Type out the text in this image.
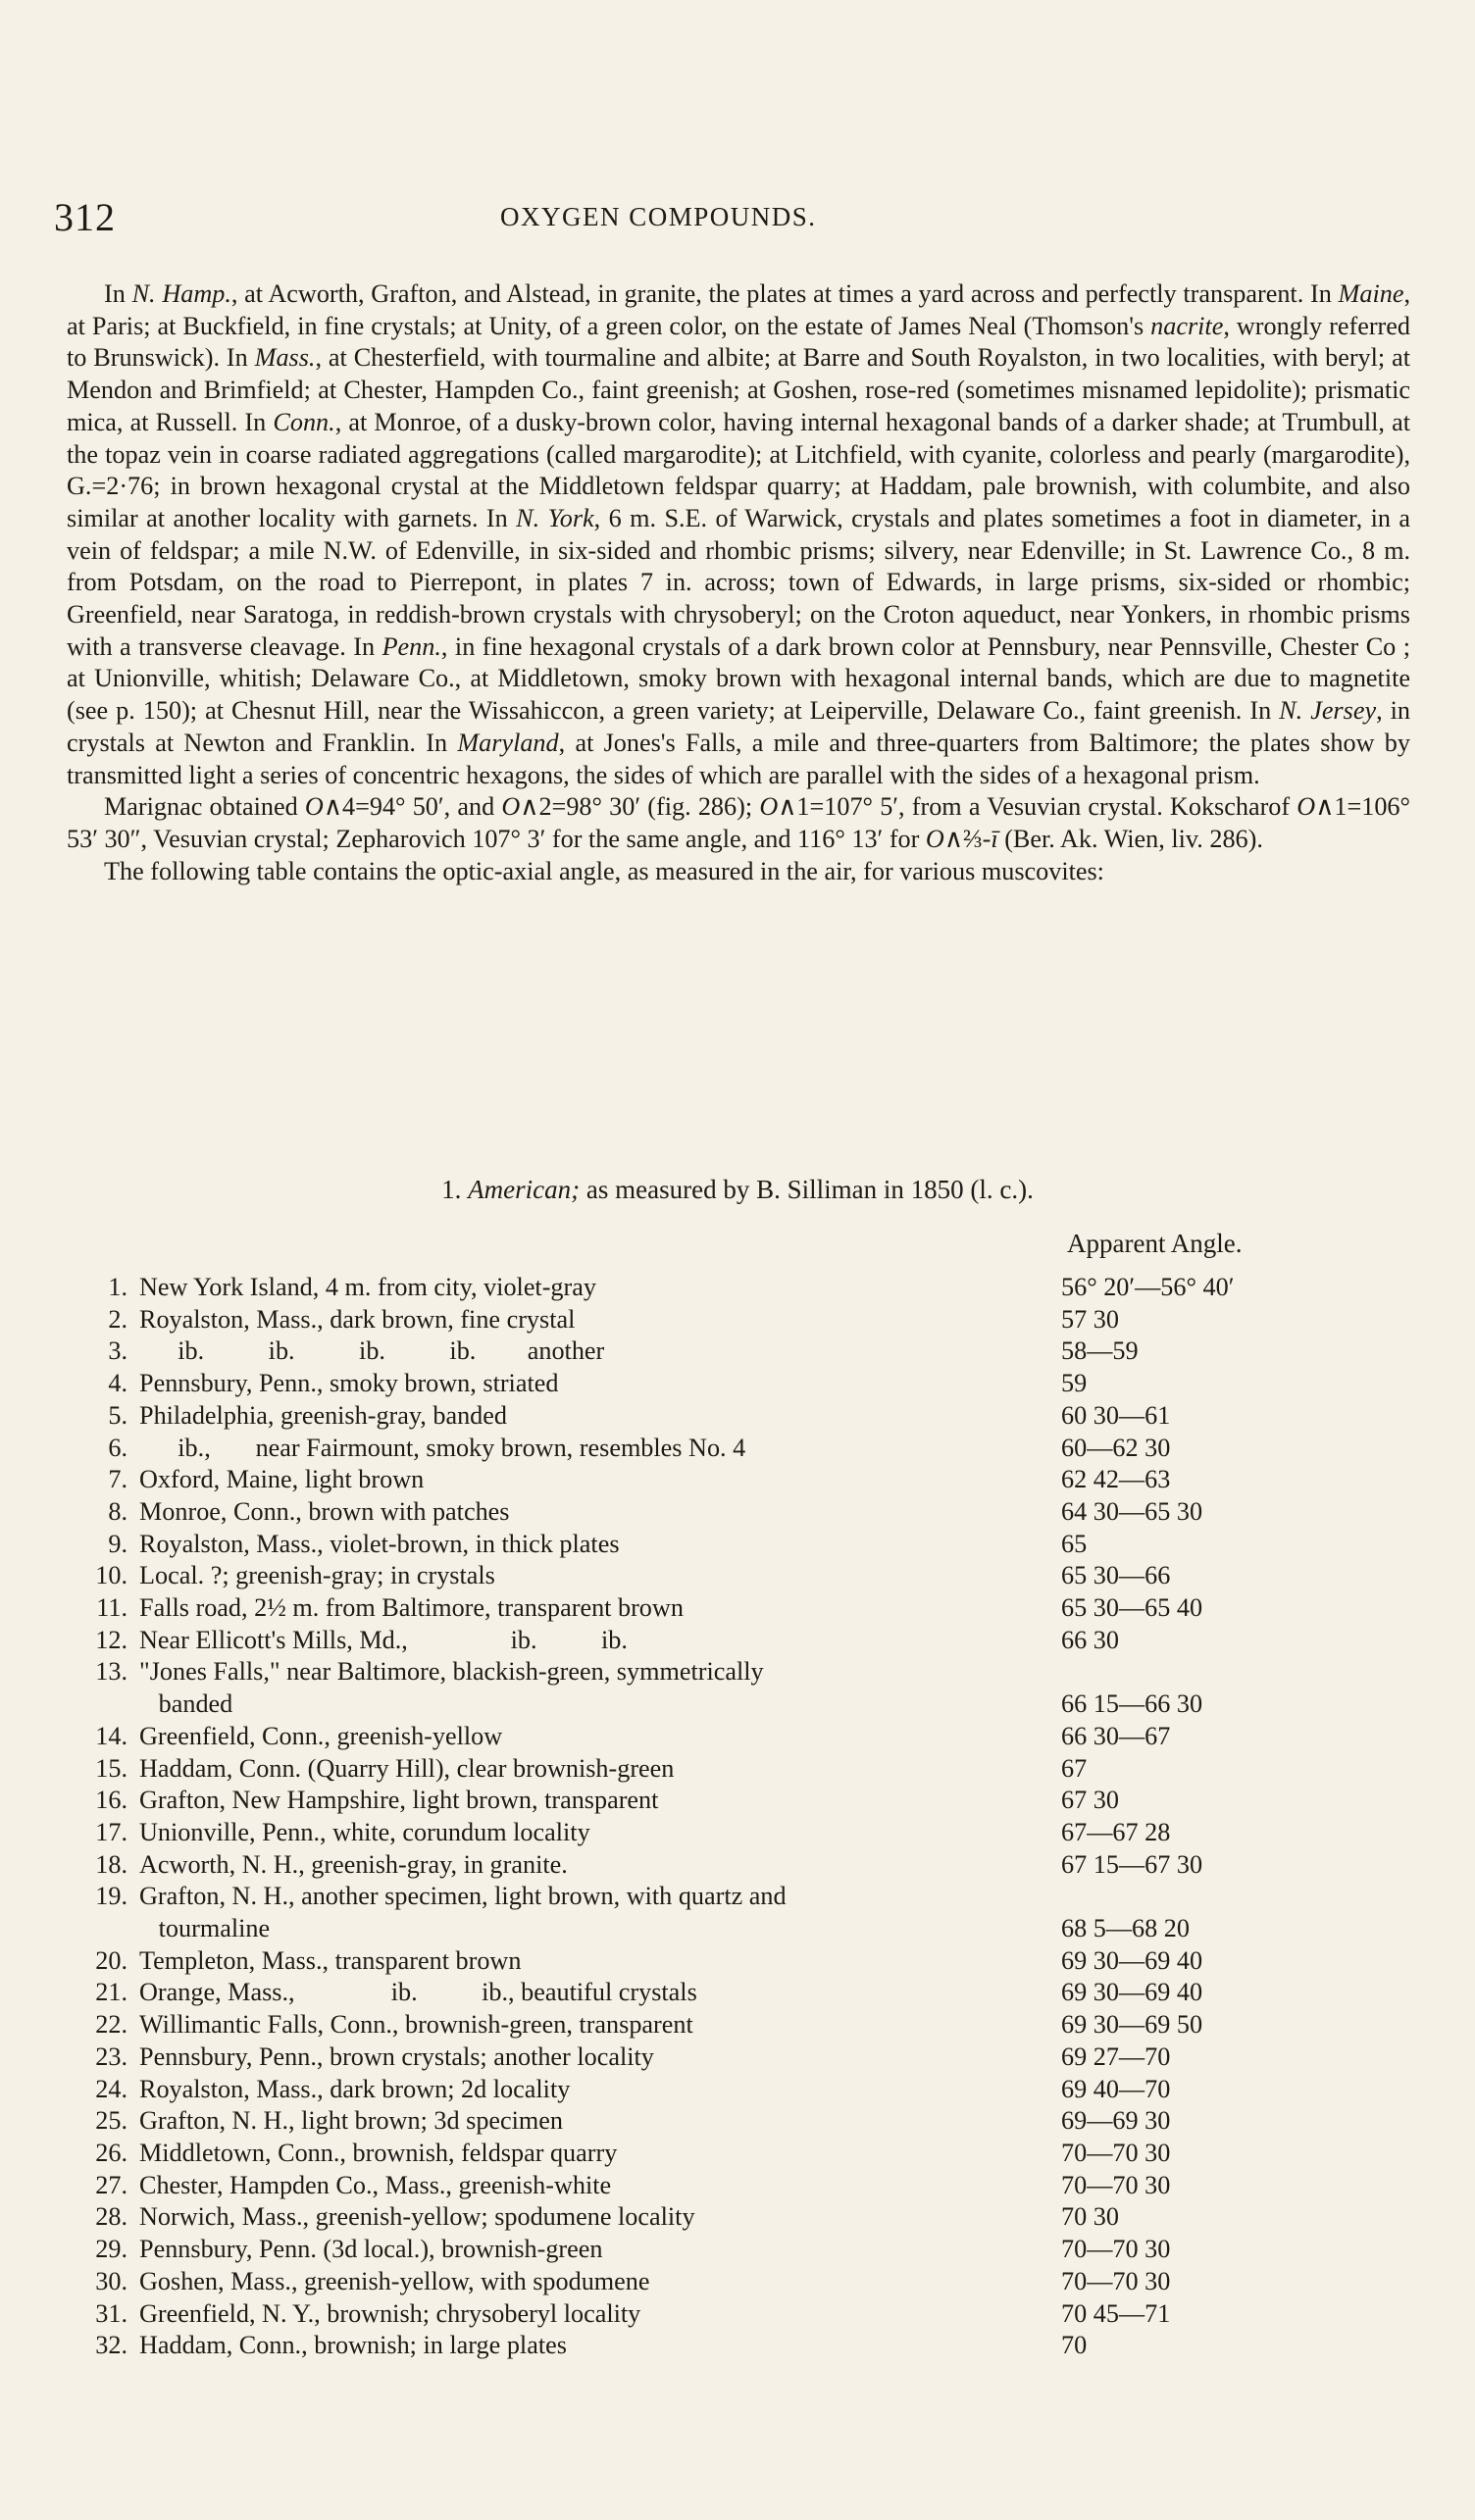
312	OXYGEN COMPOUNDS.

In N. Hamp., at Acworth, Grafton, and Alstead, in granite, the plates at times a yard across and perfectly transparent. In Maine, at Paris; at Buckfield, in fine crystals; at Unity, of a green color, on the estate of James Neal (Thomson's nacrite, wrongly referred to Brunswick). In Mass., at Chesterfield, with tourmaline and albite; at Barre and South Royalston, in two localities, with beryl; at Mendon and Brimfield; at Chester, Hampden Co., faint greenish; at Goshen, rose-red (sometimes misnamed lepidolite); prismatic mica, at Russell. In Conn., at Monroe, of a dusky-brown color, having internal hexagonal bands of a darker shade; at Trumbull, at the topaz vein in coarse radiated aggregations (called margarodite); at Litchfield, with cyanite, colorless and pearly (margarodite), G.=2·76; in brown hexagonal crystal at the Middletown feldspar quarry; at Haddam, pale brownish, with columbite, and also similar at another locality with garnets. In N. York, 6 m. S.E. of Warwick, crystals and plates sometimes a foot in diameter, in a vein of feldspar; a mile N.W. of Edenville, in six-sided and rhombic prisms; silvery, near Edenville; in St. Lawrence Co., 8 m. from Potsdam, on the road to Pierrepont, in plates 7 in. across; town of Edwards, in large prisms, six-sided or rhombic; Greenfield, near Saratoga, in reddish-brown crystals with chrysoberyl; on the Croton aqueduct, near Yonkers, in rhombic prisms with a transverse cleavage. In Penn., in fine hexagonal crystals of a dark brown color at Pennsbury, near Pennsville, Chester Co ; at Unionville, whitish; Delaware Co., at Middletown, smoky brown with hexagonal internal bands, which are due to magnetite (see p. 150); at Chesnut Hill, near the Wissahiccon, a green variety; at Leiperville, Delaware Co., faint greenish. In N. Jersey, in crystals at Newton and Franklin. In Maryland, at Jones's Falls, a mile and three-quarters from Baltimore; the plates show by transmitted light a series of concentric hexagons, the sides of which are parallel with the sides of a hexagonal prism.

Marignac obtained O∧4=94° 50′, and O∧2=98° 30′ (fig. 286); O∧1=107° 5′, from a Vesuvian crystal. Kokscharof O∧1=106° 53′ 30″, Vesuvian crystal; Zepharovich 107° 3′ for the same angle, and 116° 13′ for O∧⅔-ī (Ber. Ak. Wien, liv. 286).

The following table contains the optic-axial angle, as measured in the air, for various muscovites:

1. American; as measured by B. Silliman in 1850 (l. c.).
Apparent Angle.
1. New York Island, 4 m. from city, violet-gray	56° 20′—56° 40′
2. Royalston, Mass., dark brown, fine crystal	57 30
3. ib.          ib.          ib.          ib.        another	58—59
4. Pennsbury, Penn., smoky brown, striated	59
5. Philadelphia, greenish-gray, banded	60 30—61
6. ib.,       near Fairmount, smoky brown, resembles No. 4	60—62 30
7. Oxford, Maine, light brown	62 42—63
8. Monroe, Conn., brown with patches	64 30—65 30
9. Royalston, Mass., violet-brown, in thick plates	65
10. Local. ?; greenish-gray; in crystals	65 30—66
11. Falls road, 2½ m. from Baltimore, transparent brown	65 30—65 40
12. Near Ellicott's Mills, Md.,                ib.          ib.	66 30
13. "Jones Falls," near Baltimore, blackish-green, symmetrically
banded	66 15—66 30
14. Greenfield, Conn., greenish-yellow	66 30—67
15. Haddam, Conn. (Quarry Hill), clear brownish-green	67
16. Grafton, New Hampshire, light brown, transparent	67 30
17. Unionville, Penn., white, corundum locality	67—67 28
18. Acworth, N. H., greenish-gray, in granite.	67 15—67 30
19. Grafton, N. H., another specimen, light brown, with quartz and
tourmaline	68 5—68 20
20. Templeton, Mass., transparent brown	69 30—69 40
21. Orange, Mass.,               ib.          ib., beautiful crystals	69 30—69 40
22. Willimantic Falls, Conn., brownish-green, transparent	69 30—69 50
23. Pennsbury, Penn., brown crystals; another locality	69 27—70
24. Royalston, Mass., dark brown; 2d locality	69 40—70
25. Grafton, N. H., light brown; 3d specimen	69—69 30
26. Middletown, Conn., brownish, feldspar quarry	70—70 30
27. Chester, Hampden Co., Mass., greenish-white	70—70 30
28. Norwich, Mass., greenish-yellow; spodumene locality	70 30
29. Pennsbury, Penn. (3d local.), brownish-green	70—70 30
30. Goshen, Mass., greenish-yellow, with spodumene	70—70 30
31. Greenfield, N. Y., brownish; chrysoberyl locality	70 45—71
32. Haddam, Conn., brownish; in large plates	70
